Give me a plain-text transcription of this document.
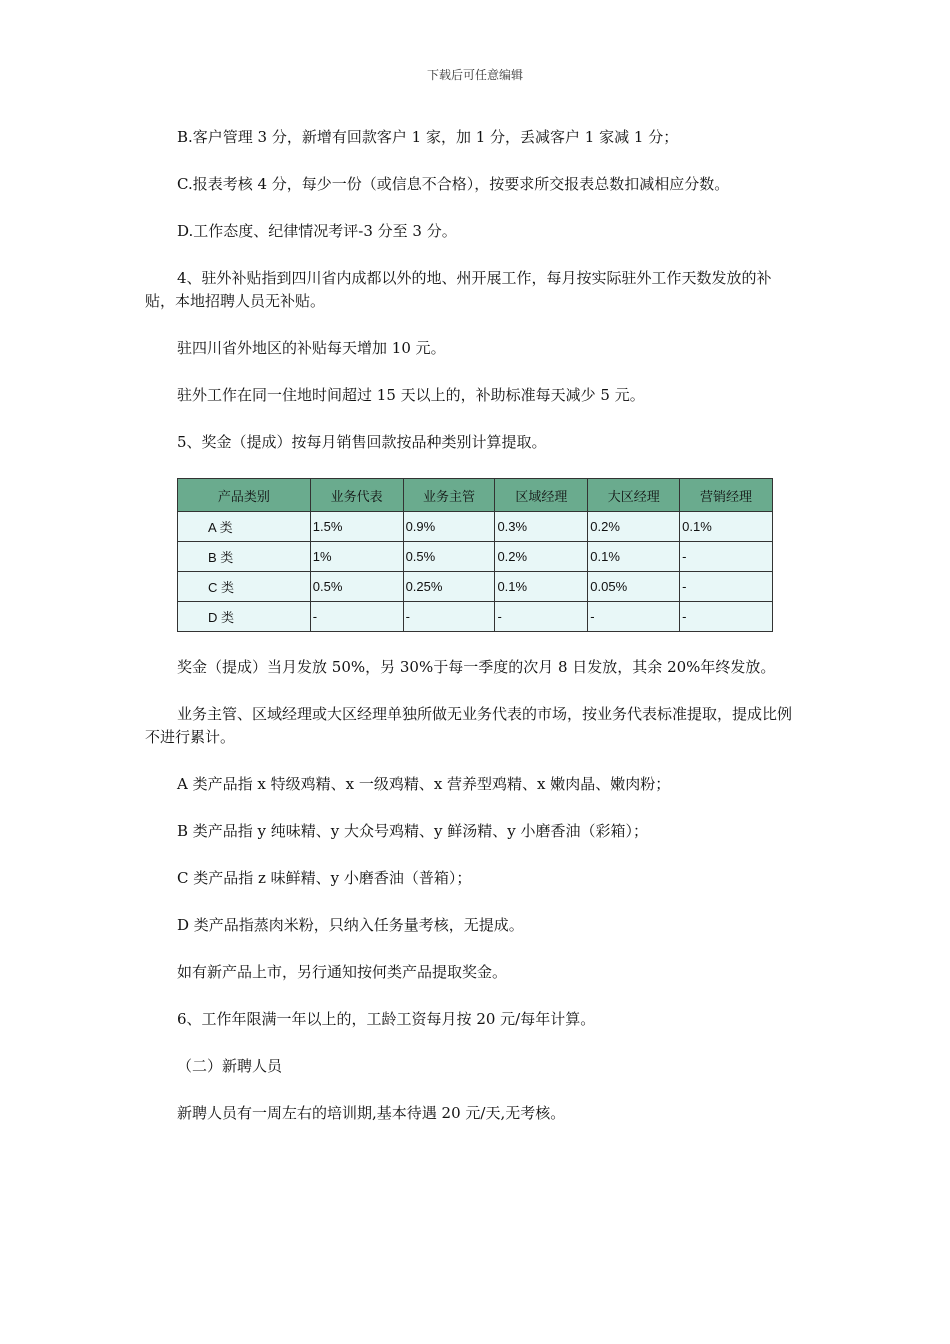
下载后可任意编辑

B.客户管理 3 分，新增有回款客户 1 家，加 1 分，丢减客户 1 家减 1 分；

C.报表考核 4 分，每少一份（或信息不合格），按要求所交报表总数扣减相应分数。

D.工作态度、纪律情况考评-3 分至 3 分。

4、驻外补贴指到四川省内成都以外的地、州开展工作，每月按实际驻外工作天数发放的补贴，本地招聘人员无补贴。

驻四川省外地区的补贴每天增加 10 元。

驻外工作在同一住地时间超过 15 天以上的，补助标准每天减少 5 元。

5、奖金（提成）按每月销售回款按品种类别计算提取。

产品类别	业务代表	业务主管	区域经理	大区经理	营销经理
A 类	1.5%	0.9%	0.3%	0.2%	0.1%
B 类	1%	0.5%	0.2%	0.1%	-
C 类	0.5%	0.25%	0.1%	0.05%	-
D 类	-	-	-	-	-

奖金（提成）当月发放 50%，另 30%于每一季度的次月 8 日发放，其余 20%年终发放。

业务主管、区域经理或大区经理单独所做无业务代表的市场，按业务代表标准提取，提成比例不进行累计。

A 类产品指 x 特级鸡精、x 一级鸡精、x 营养型鸡精、x 嫩肉晶、嫩肉粉；

B 类产品指 y 纯味精、y 大众号鸡精、y 鲜汤精、y 小磨香油（彩箱）；

C 类产品指 z 味鲜精、y 小磨香油（普箱）；

D 类产品指蒸肉米粉，只纳入任务量考核，无提成。

如有新产品上市，另行通知按何类产品提取奖金。

6、工作年限满一年以上的，工龄工资每月按 20 元/每年计算。

（二）新聘人员

新聘人员有一周左右的培训期,基本待遇 20 元/天,无考核。
